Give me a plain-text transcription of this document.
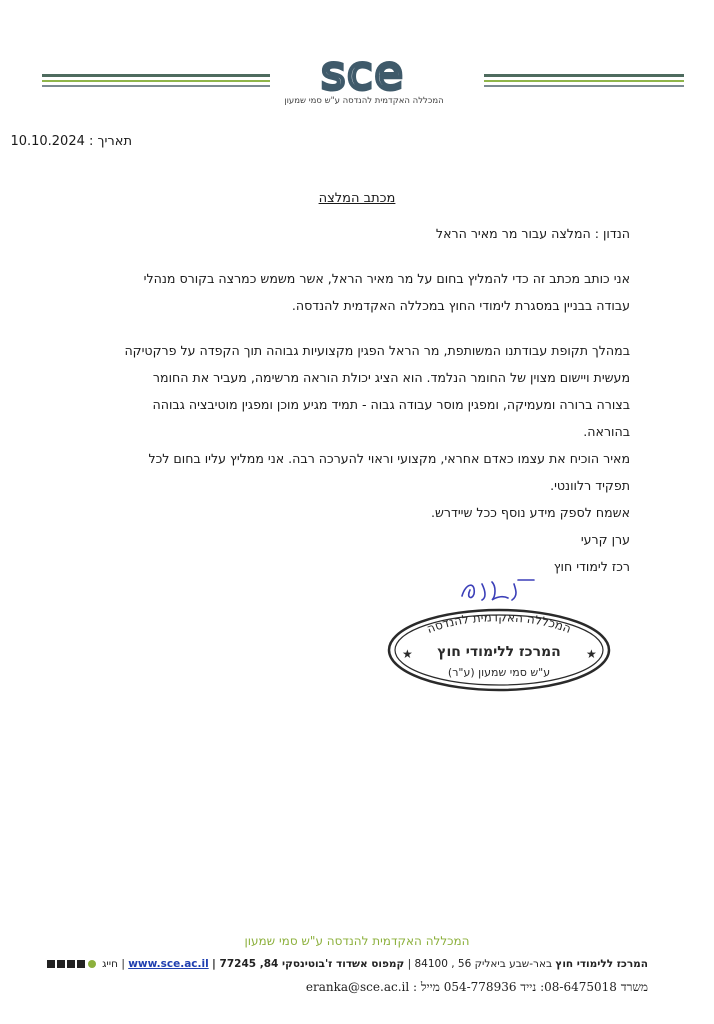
sce
המכללה האקדמית להנדסה ע"ש סמי שמעון
תאריך : 10.10.2024
מכתב המלצה

הנדון : המלצה עבור מר מאיר הראל

אני כותב מכתב זה כדי להמליץ בחום על מר מאיר הראל, אשר משמש כמרצה בקורס מנהלי

עבודה בבניין במסגרת לימודי החוץ במכללה האקדמית להנדסה.

במהלך תקופת עבודתנו המשותפת, מר הראל הפגין מקצועיות גבוהה תוך הקפדה על פרקטיקה

מעשית ויישום מצוין של החומר הנלמד. הוא הציג יכולת הוראה מרשימה, מעביר את החומר

בצורה ברורה ומעמיקה, ומפגין מוסר עבודה גבוה - תמיד מגיע מוכן ומפגין מוטיבציה גבוהה

בהוראה.

מאיר הוכיח את עצמו כאדם אחראי, מקצועי וראוי להערכה רבה. אני ממליץ עליו בחום לכל

תפקיד רלוונטי.

אשמח לספק מידע נוסף ככל שיידרש.

ערן קרעי

רכז לימודי חוץ

המכללה האקדמית להנדסה
המרכז ללימודי חוץ
ע"ש סמי שמעון (ע"ר)
★	★
המכללה האקדמית להנדסה ע"ש סמי שמעון
המרכז ללימודי חוץ באר-שבע ביאליק 56 , 84100 | קמפוס אשדוד ז'בוטינסקי 84, 77245 | www.sce.ac.il | חייג
משרד 08-6475018: נייד 054-778936 מייל : eranka@sce.ac.il
